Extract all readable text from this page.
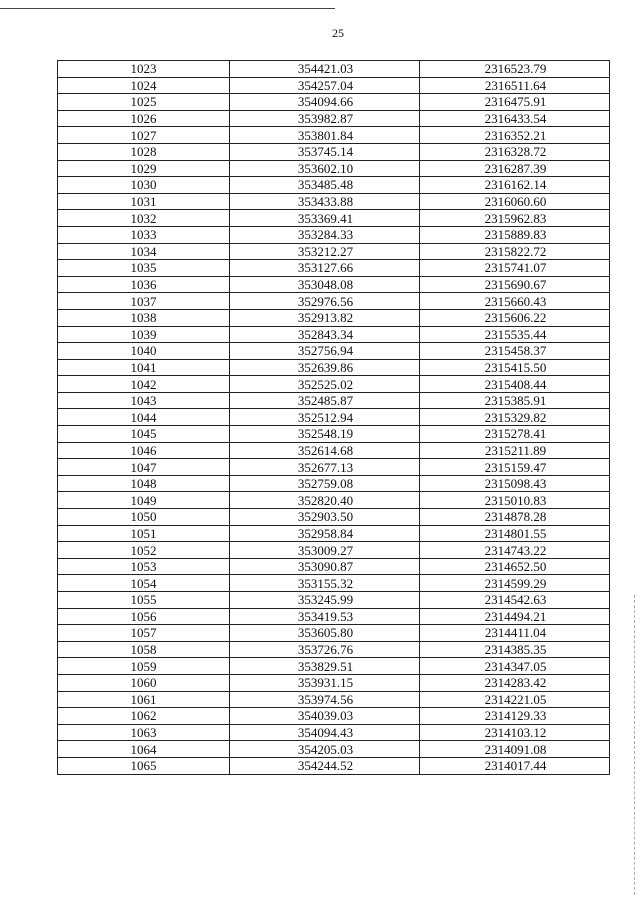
25
1023	354421.03	2316523.79
1024	354257.04	2316511.64
1025	354094.66	2316475.91
1026	353982.87	2316433.54
1027	353801.84	2316352.21
1028	353745.14	2316328.72
1029	353602.10	2316287.39
1030	353485.48	2316162.14
1031	353433.88	2316060.60
1032	353369.41	2315962.83
1033	353284.33	2315889.83
1034	353212.27	2315822.72
1035	353127.66	2315741.07
1036	353048.08	2315690.67
1037	352976.56	2315660.43
1038	352913.82	2315606.22
1039	352843.34	2315535.44
1040	352756.94	2315458.37
1041	352639.86	2315415.50
1042	352525.02	2315408.44
1043	352485.87	2315385.91
1044	352512.94	2315329.82
1045	352548.19	2315278.41
1046	352614.68	2315211.89
1047	352677.13	2315159.47
1048	352759.08	2315098.43
1049	352820.40	2315010.83
1050	352903.50	2314878.28
1051	352958.84	2314801.55
1052	353009.27	2314743.22
1053	353090.87	2314652.50
1054	353155.32	2314599.29
1055	353245.99	2314542.63
1056	353419.53	2314494.21
1057	353605.80	2314411.04
1058	353726.76	2314385.35
1059	353829.51	2314347.05
1060	353931.15	2314283.42
1061	353974.56	2314221.05
1062	354039.03	2314129.33
1063	354094.43	2314103.12
1064	354205.03	2314091.08
1065	354244.52	2314017.44
